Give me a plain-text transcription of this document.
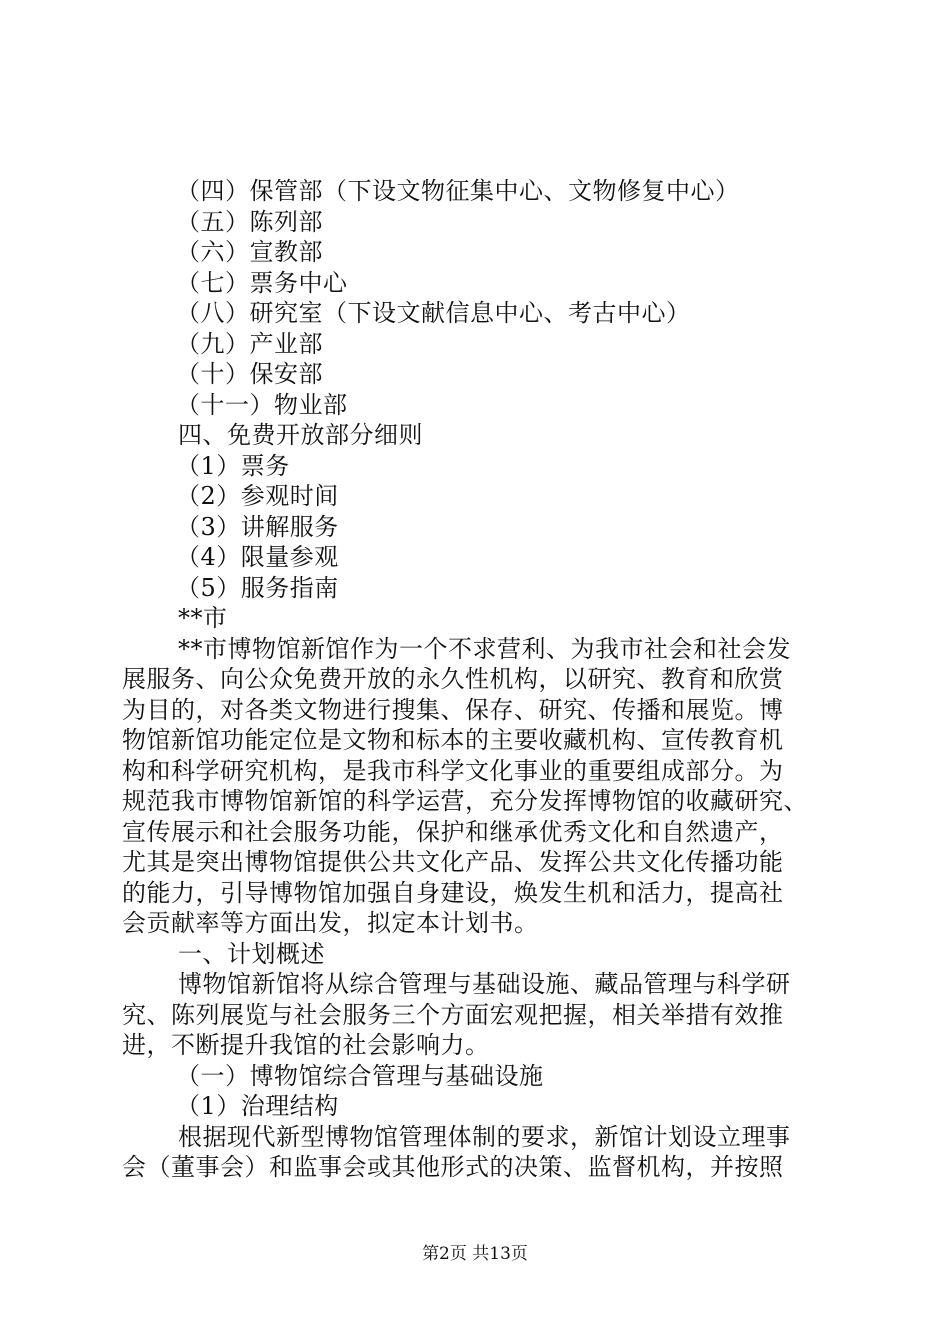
（四）保管部（下设文物征集中心、文物修复中心）
（五）陈列部
（六）宣教部
（七）票务中心
（八）研究室（下设文献信息中心、考古中心）
（九）产业部
（十）保安部
（十一）物业部
四、免费开放部分细则
（1）票务
（2）参观时间
（3）讲解服务
（4）限量参观
（5）服务指南
**市
**市博物馆新馆作为一个不求营利、为我市社会和社会发
展服务、向公众免费开放的永久性机构，以研究、教育和欣赏
为目的，对各类文物进行搜集、保存、研究、传播和展览。博
物馆新馆功能定位是文物和标本的主要收藏机构、宣传教育机
构和科学研究机构，是我市科学文化事业的重要组成部分。为
规范我市博物馆新馆的科学运营，充分发挥博物馆的收藏研究、
宣传展示和社会服务功能，保护和继承优秀文化和自然遗产，
尤其是突出博物馆提供公共文化产品、发挥公共文化传播功能
的能力，引导博物馆加强自身建设，焕发生机和活力，提高社
会贡献率等方面出发，拟定本计划书。
一、计划概述
博物馆新馆将从综合管理与基础设施、藏品管理与科学研
究、陈列展览与社会服务三个方面宏观把握，相关举措有效推
进，不断提升我馆的社会影响力。
（一）博物馆综合管理与基础设施
（1）治理结构
根据现代新型博物馆管理体制的要求，新馆计划设立理事
会（董事会）和监事会或其他形式的决策、监督机构，并按照
第2页 共13页
